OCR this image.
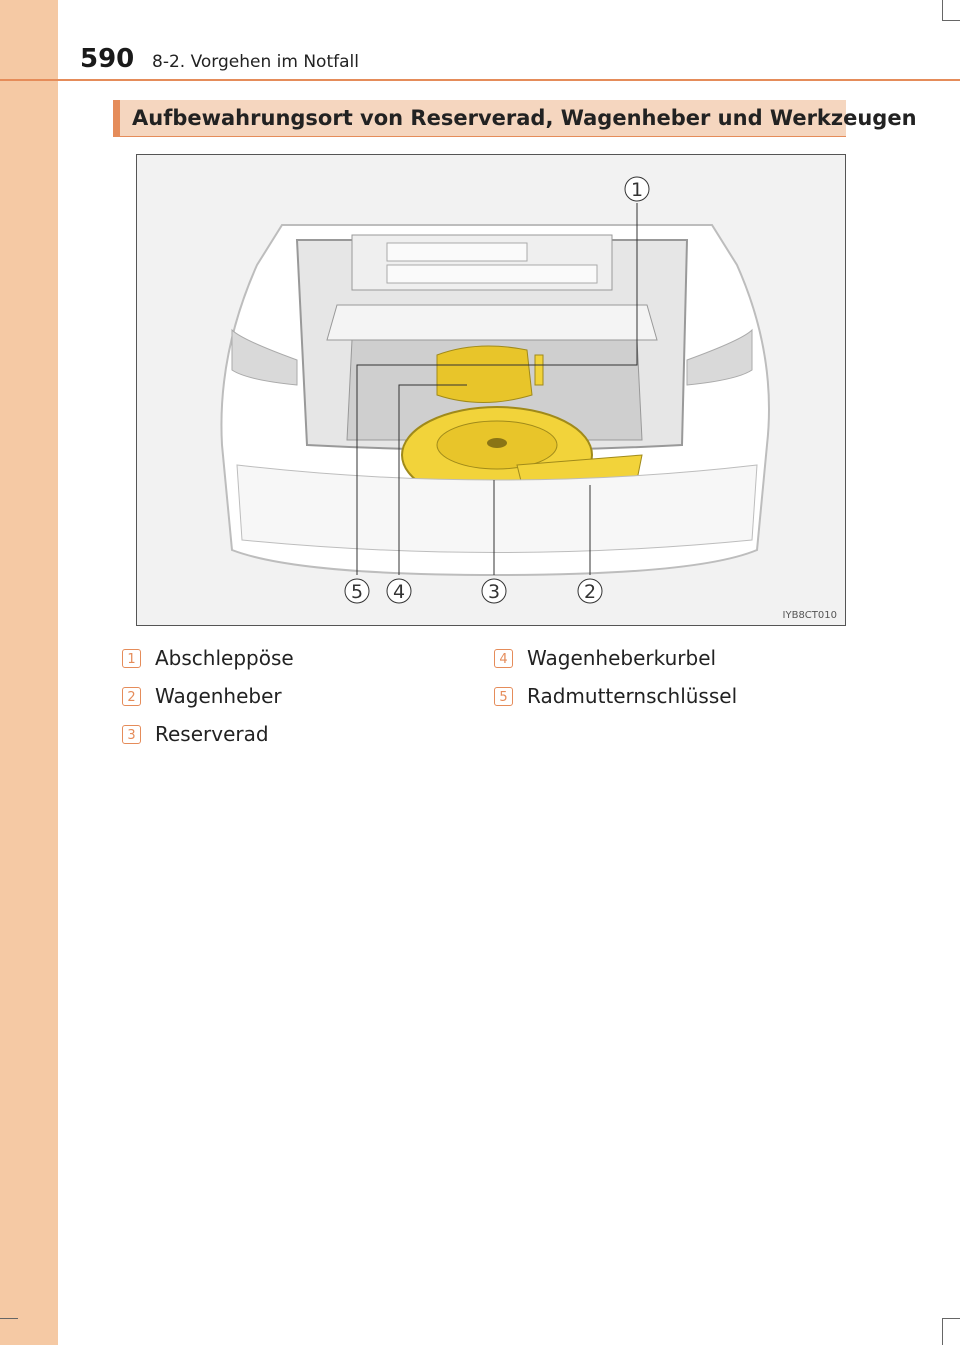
590 8-2. Vorgehen im Notfall
Aufbewahrungsort von Reserverad, Wagenheber und Werkzeugen
1
2
3
4
5
IYB8CT010
1 Abschleppöse
2 Wagenheber
3 Reserverad
4 Wagenheberkurbel
5 Radmutternschlüssel
